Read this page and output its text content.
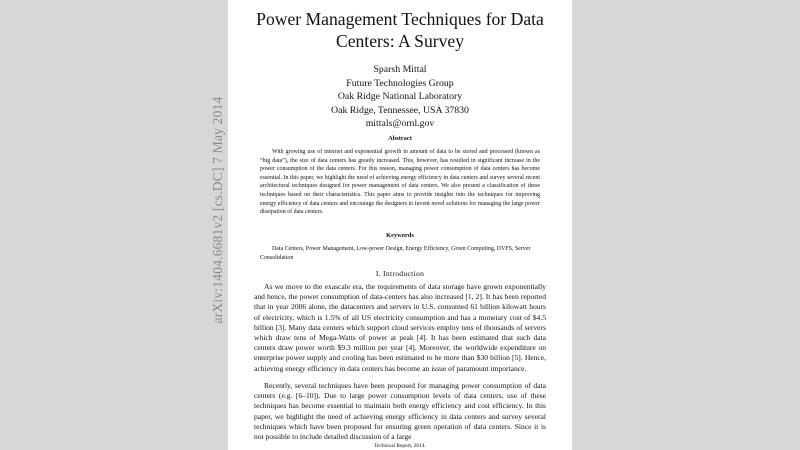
arXiv:1404.6681v2 [cs.DC] 7 May 2014
Power Management Techniques for Data Centers: A Survey
Sparsh Mittal
Future Technologies Group
Oak Ridge National Laboratory
Oak Ridge, Tennessee, USA 37830
mittals@ornl.gov
Abstract

With growing use of internet and exponential growth in amount of data to be stored and processed (known as “big data”), the size of data centers has greatly increased. This, however, has resulted in significant increase in the power consumption of the data centers. For this reason, managing power consumption of data centers has become essential. In this paper, we highlight the need of achieving energy efficiency in data centers and survey several recent architectural techniques designed for power management of data centers. We also present a classification of these techniques based on their characteristics. This paper aims to provide insights into the techniques for improving energy efficiency of data centers and encourage the designers to invent novel solutions for managing the large power dissipation of data centers.

Keywords

Data Centers, Power Management, Low-power Design, Energy Efficiency, Green Computing, DVFS, Server Consolidation

I. Introduction

As we move to the exascale era, the requirements of data storage have grown exponentially and hence, the power consumption of data-centers has also increased [1, 2]. It has been reported that in year 2006 alone, the datacenters and servers in U.S. consumed 61 billion kilowatt hours of electricity, which is 1.5% of all US electricity consumption and has a monetary cost of $4.5 billion [3]. Many data centers which support cloud services employ tens of thousands of servers which draw tens of Mega-Watts of power at peak [4]. It has been estimated that such data centers draw power worth $9.3 million per year [4]. Moreover, the worldwide expenditure on enterprise power supply and cooling has been estimated to be more than $30 billion [5]. Hence, achieving energy efficiency in data centers has become an issue of paramount importance.

Recently, several techniques have been proposed for managing power consumption of data centers (e.g. [6–10]). Due to large power consumption levels of data centers, use of these techniques has become essential to maintain both energy efficiency and cost efficiency. In this paper, we highlight the need of achieving energy efficiency in data centers and survey several techniques which have been proposed for ensuring green operation of data centers. Since it is not possible to include detailed discussion of a large

Technical Report, 2014.
